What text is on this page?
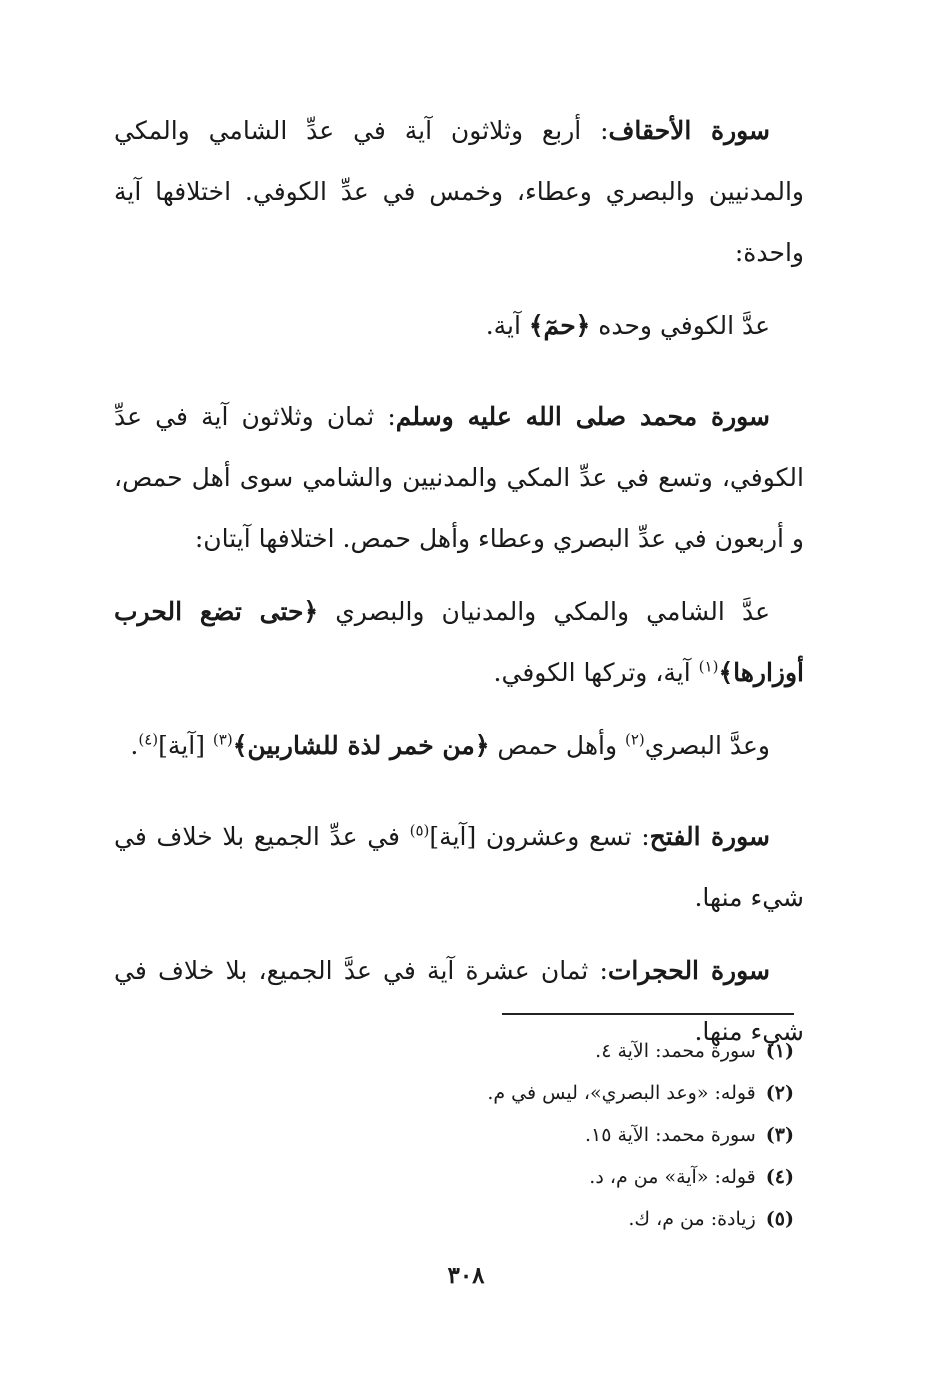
سورة الأحقاف: أربع وثلاثون آية في عدِّ الشامي والمكي والمدنيين والبصري وعطاء، وخمس في عدِّ الكوفي. اختلافها آية واحدة:

عدَّ الكوفي وحده ﴿حمٓ﴾ آية.

سورة محمد صلى الله عليه وسلم: ثمان وثلاثون آية في عدِّ الكوفي، وتسع في عدِّ المكي والمدنيين والشامي سوى أهل حمص، و أربعون في عدِّ البصري وعطاء وأهل حمص. اختلافها آيتان:

عدَّ الشامي والمكي والمدنيان والبصري ﴿حتى تضع الحرب أوزارها﴾$^{(١)}$ آية، وتركها الكوفي.

وعدَّ البصري$^{(٢)}$ وأهل حمص ﴿من خمر لذة للشاربين﴾$^{(٣)}$ [آية]$^{(٤)}$.

سورة الفتح: تسع وعشرون [آية]$^{(٥)}$ في عدِّ الجميع بلا خلاف في شيء منها.

سورة الحجرات: ثمان عشرة آية في عدَّ الجميع، بلا خلاف في شيء منها.

(١)سورة محمد: الآية ٤.
(٢)قوله: «وعد البصري»، ليس في م.
(٣)سورة محمد: الآية ١٥.
(٤)قوله: «آية» من م، د.
(٥)زيادة: من م، ك.
٣٠٨
